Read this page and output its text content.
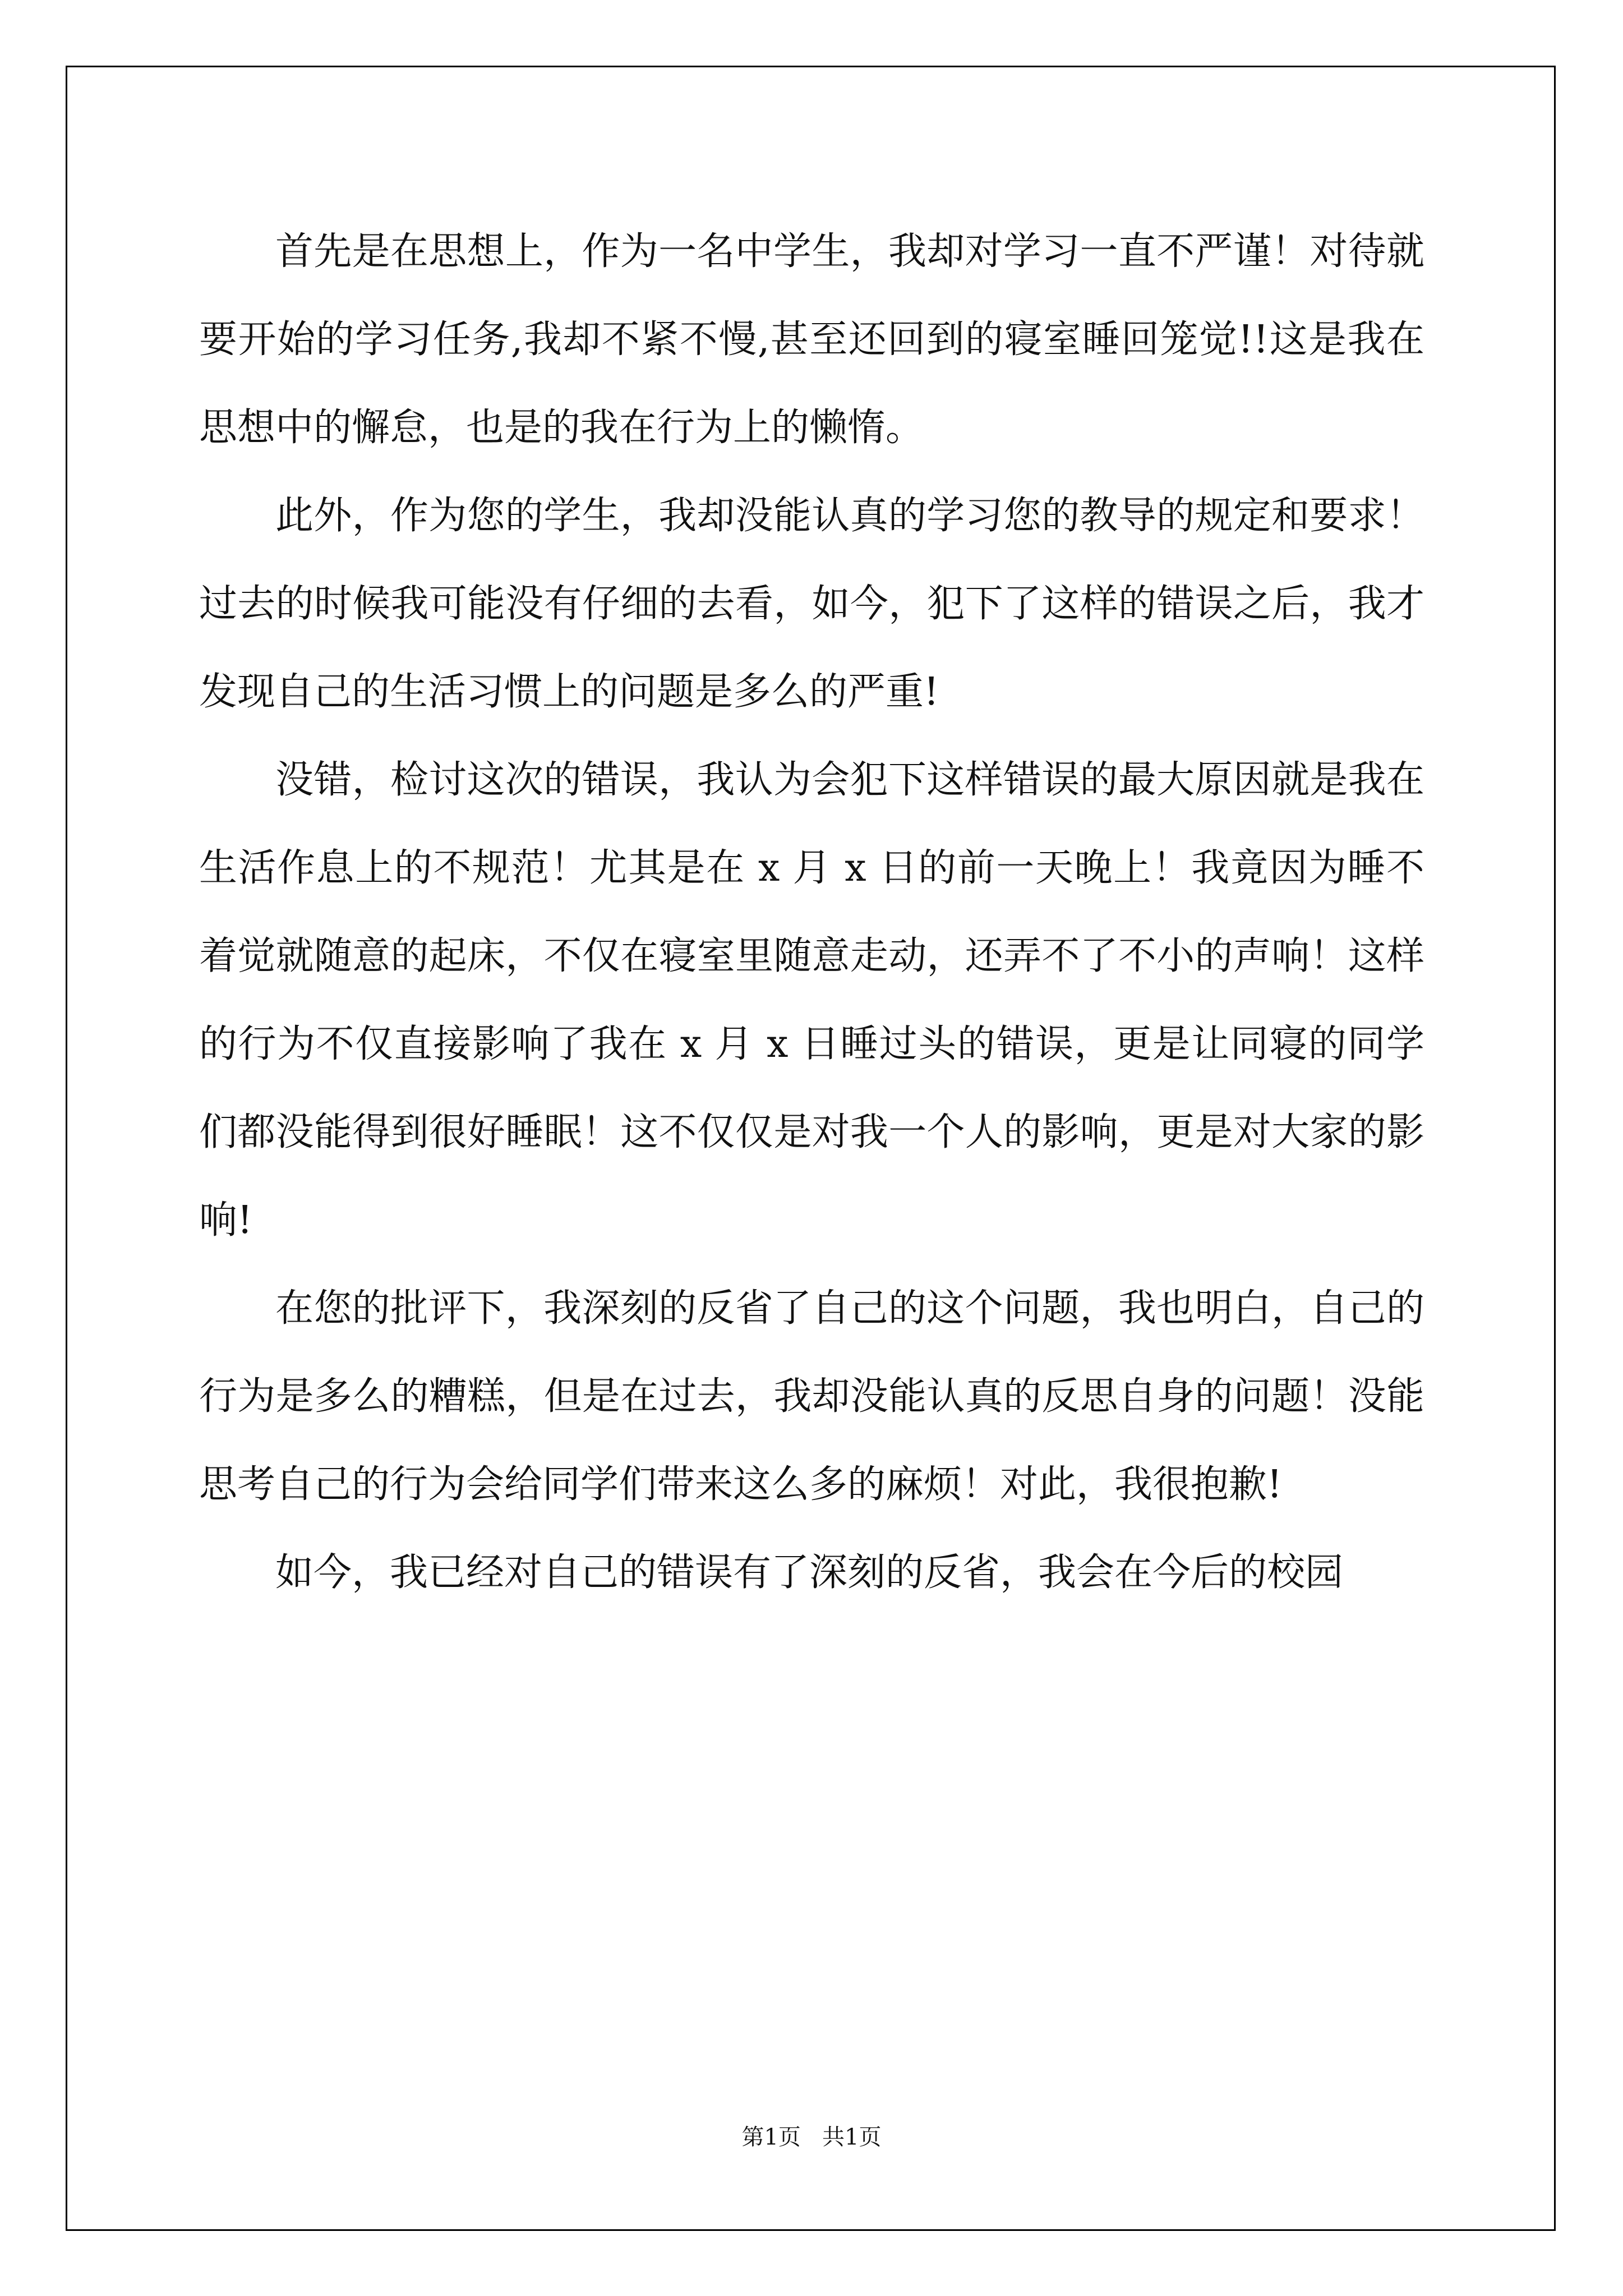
首先是在思想上，作为一名中学生，我却对学习一直不严谨！对待就要开始的学习任务,我却不紧不慢,甚至还回到的寝室睡回笼觉!!这是我在思想中的懈怠，也是的我在行为上的懒惰。

此外，作为您的学生，我却没能认真的学习您的教导的规定和要求！过去的时候我可能没有仔细的去看，如今，犯下了这样的错误之后，我才发现自己的生活习惯上的问题是多么的严重!

没错，检讨这次的错误，我认为会犯下这样错误的最大原因就是我在生活作息上的不规范！尤其是在 x 月 x 日的前一天晚上！我竟因为睡不着觉就随意的起床，不仅在寝室里随意走动，还弄不了不小的声响！这样的行为不仅直接影响了我在 x 月 x 日睡过头的错误，更是让同寝的同学们都没能得到很好睡眠！这不仅仅是对我一个人的影响，更是对大家的影响!

在您的批评下，我深刻的反省了自己的这个问题，我也明白，自己的行为是多么的糟糕，但是在过去，我却没能认真的反思自身的问题！没能思考自己的行为会给同学们带来这么多的麻烦！对此，我很抱歉!

如今，我已经对自己的错误有了深刻的反省，我会在今后的校园

第1页   共1页
